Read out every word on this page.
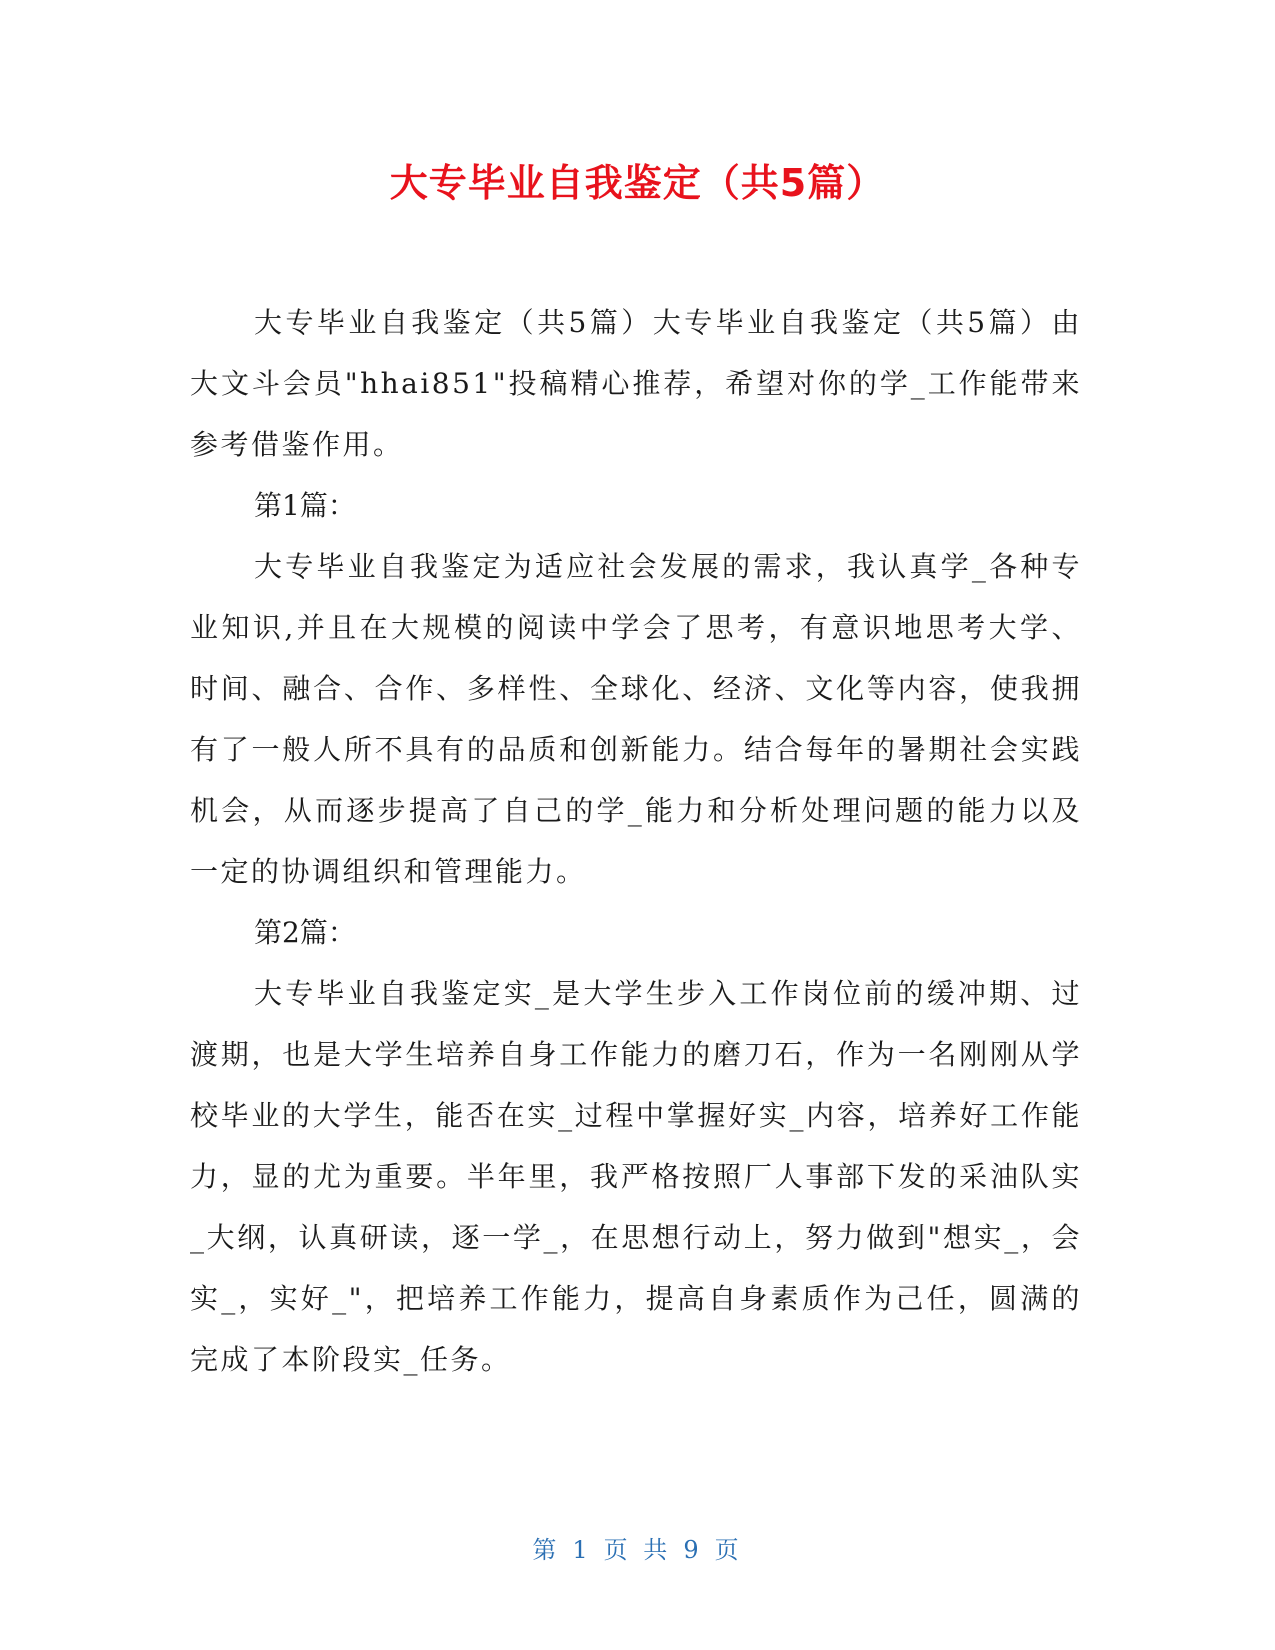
大专毕业自我鉴定（共5篇）

大专毕业自我鉴定（共5篇）大专毕业自我鉴定（共5篇）由大文斗会员"hhai851"投稿精心推荐，希望对你的学_工作能带来参考借鉴作用。

第1篇：

大专毕业自我鉴定为适应社会发展的需求，我认真学_各种专业知识,并且在大规模的阅读中学会了思考，有意识地思考大学、时间、融合、合作、多样性、全球化、经济、文化等内容，使我拥有了一般人所不具有的品质和创新能力。结合每年的暑期社会实践机会，从而逐步提高了自己的学_能力和分析处理问题的能力以及一定的协调组织和管理能力。

第2篇：

大专毕业自我鉴定实_是大学生步入工作岗位前的缓冲期、过渡期，也是大学生培养自身工作能力的磨刀石，作为一名刚刚从学校毕业的大学生，能否在实_过程中掌握好实_内容，培养好工作能力，显的尤为重要。半年里，我严格按照厂人事部下发的采油队实_大纲，认真研读，逐一学_，在思想行动上，努力做到"想实_，会实_，实好_"，把培养工作能力，提高自身素质作为己任，圆满的完成了本阶段实_任务。

第 1 页 共 9 页
